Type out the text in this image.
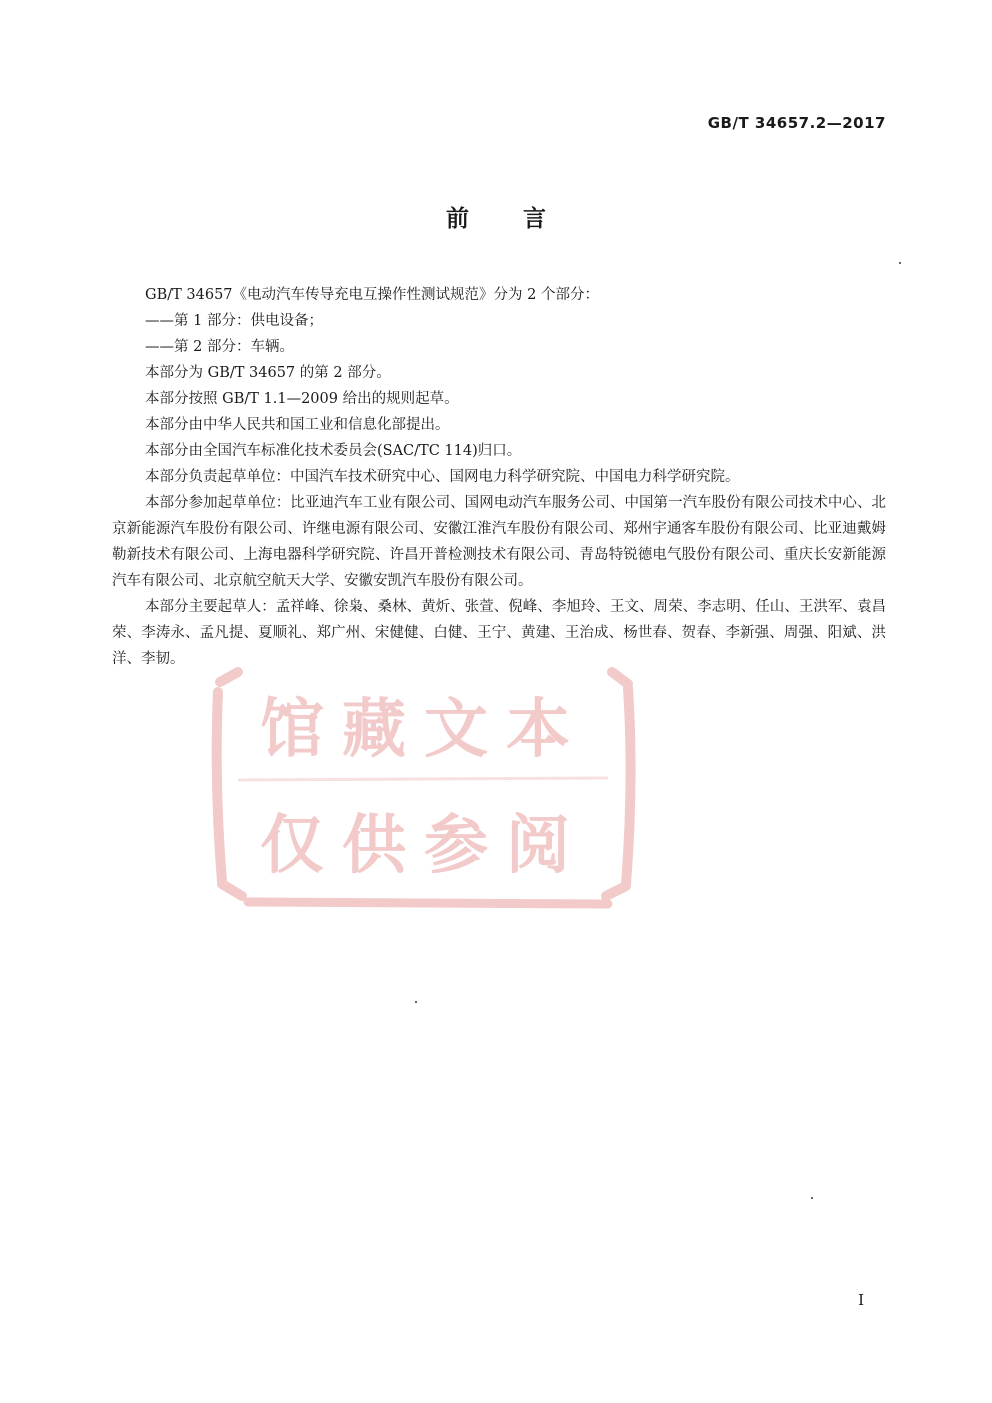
GB/T 34657.2—2017
前言

GB/T 34657《电动汽车传导充电互操作性测试规范》分为 2 个部分：

——第 1 部分：供电设备；

——第 2 部分：车辆。

本部分为 GB/T 34657 的第 2 部分。

本部分按照 GB/T 1.1—2009 给出的规则起草。

本部分由中华人民共和国工业和信息化部提出。

本部分由全国汽车标准化技术委员会(SAC/TC 114)归口。

本部分负责起草单位：中国汽车技术研究中心、国网电力科学研究院、中国电力科学研究院。

本部分参加起草单位：比亚迪汽车工业有限公司、国网电动汽车服务公司、中国第一汽车股份有限公司技术中心、北京新能源汽车股份有限公司、许继电源有限公司、安徽江淮汽车股份有限公司、郑州宇通客车股份有限公司、比亚迪戴姆勒新技术有限公司、上海电器科学研究院、许昌开普检测技术有限公司、青岛特锐德电气股份有限公司、重庆长安新能源汽车有限公司、北京航空航天大学、安徽安凯汽车股份有限公司。

本部分主要起草人：孟祥峰、徐枭、桑林、黄炘、张萱、倪峰、李旭玲、王文、周荣、李志明、任山、王洪军、袁昌荣、李涛永、孟凡提、夏顺礼、郑广州、宋健健、白健、王宁、黄建、王治成、杨世春、贺春、李新强、周强、阳斌、洪洋、李韧。

馆藏文本
仅供参阅
I
